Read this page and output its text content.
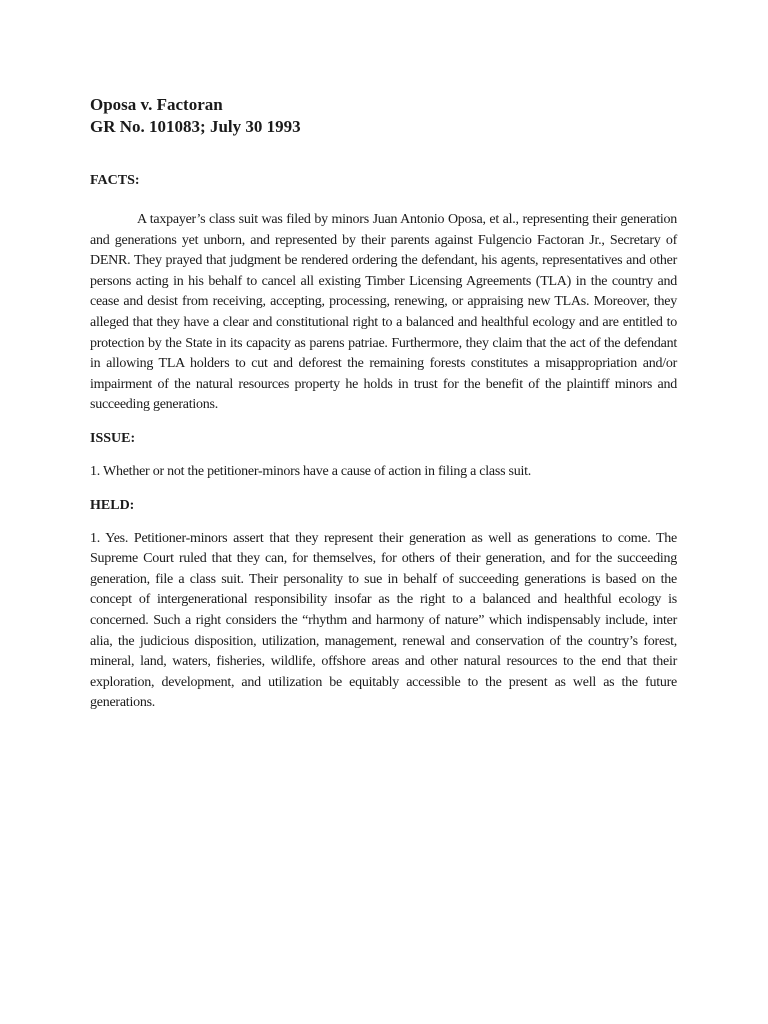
Oposa v. Factoran

GR No. 101083; July 30 1993

FACTS:

A taxpayer’s class suit was filed by minors Juan Antonio Oposa, et al., representing their generation and generations yet unborn, and represented by their parents against Fulgencio Factoran Jr., Secretary of DENR. They prayed that judgment be rendered ordering the defendant, his agents, representatives and other persons acting in his behalf to cancel all existing Timber Licensing Agreements (TLA) in the country and cease and desist from receiving, accepting, processing, renewing, or appraising new TLAs. Moreover, they alleged that they have a clear and constitutional right to a balanced and healthful ecology and are entitled to protection by the State in its capacity as parens patriae. Furthermore, they claim that the act of the defendant in allowing TLA holders to cut and deforest the remaining forests constitutes a misappropriation and/or impairment of the natural resources property he holds in trust for the benefit of the plaintiff minors and succeeding generations.

ISSUE:

1. Whether or not the petitioner-minors have a cause of action in filing a class suit.

HELD:

1. Yes. Petitioner-minors assert that they represent their generation as well as generations to come. The Supreme Court ruled that they can, for themselves, for others of their generation, and for the succeeding generation, file a class suit. Their personality to sue in behalf of succeeding generations is based on the concept of intergenerational responsibility insofar as the right to a balanced and healthful ecology is concerned. Such a right considers the “rhythm and harmony of nature” which indispensably include, inter alia, the judicious disposition, utilization, management, renewal and conservation of the country’s forest, mineral, land, waters, fisheries, wildlife, offshore areas and other natural resources to the end that their exploration, development, and utilization be equitably accessible to the present as well as the future generations.
